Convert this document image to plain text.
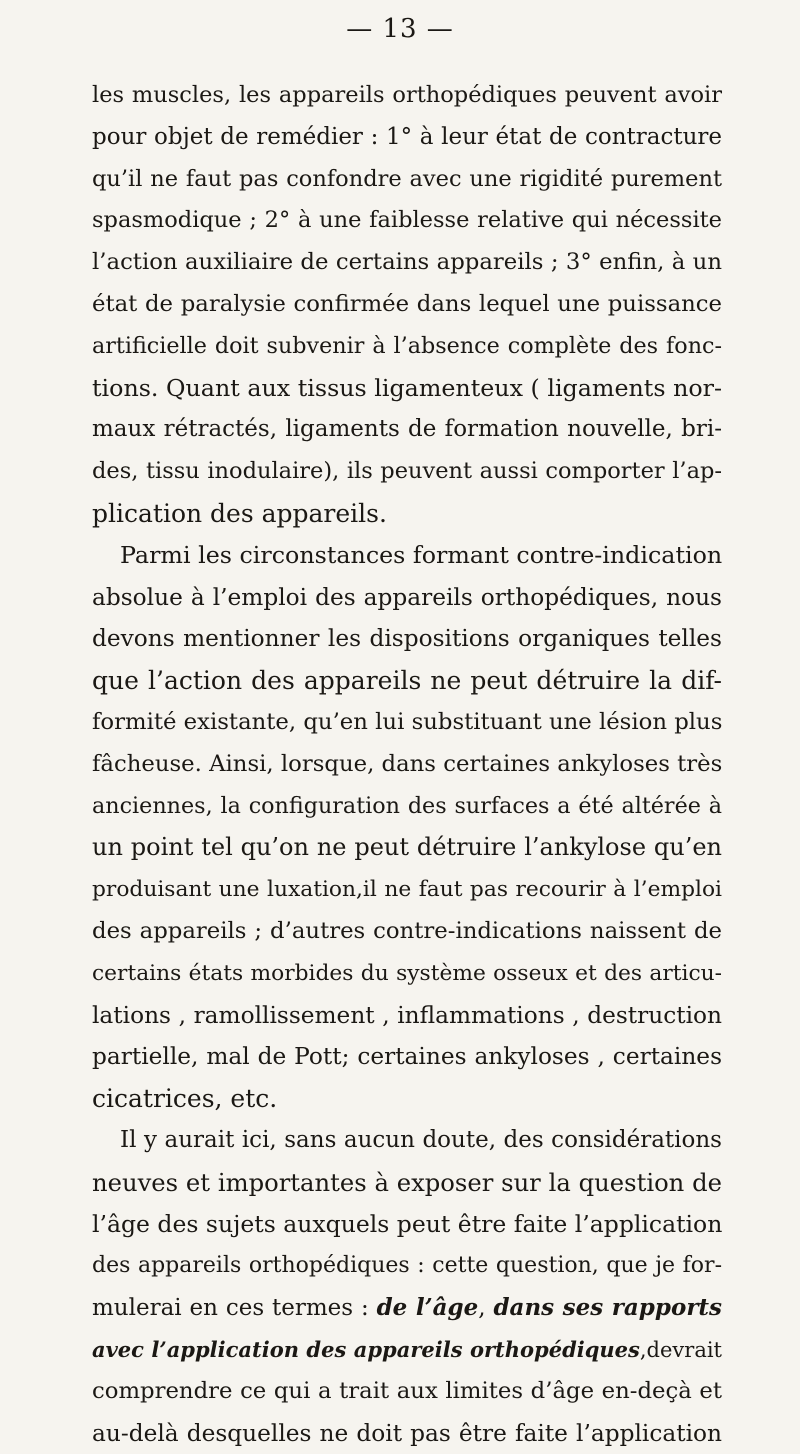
— 13 —
les muscles, les appareils orthopédiques peuvent avoir
pour objet de remédier : 1° à leur état de contracture
qu’il ne faut pas confondre avec une rigidité purement
spasmodique ; 2° à une faiblesse relative qui nécessite
l’action auxiliaire de certains appareils ; 3° enfin, à un
état de paralysie confirmée dans lequel une puissance
artificielle doit subvenir à l’absence complète des fonc-
tions. Quant aux tissus ligamenteux ( ligaments nor-
maux rétractés, ligaments de formation nouvelle, bri-
des, tissu inodulaire), ils peuvent aussi comporter l’ap-
plication des appareils.
Parmi les circonstances formant contre-indication
absolue à l’emploi des appareils orthopédiques, nous
devons mentionner les dispositions organiques telles
que l’action des appareils ne peut détruire la dif-
formité existante, qu’en lui substituant une lésion plus
fâcheuse. Ainsi, lorsque, dans certaines ankyloses très
anciennes, la configuration des surfaces a été altérée à
un point tel qu’on ne peut détruire l’ankylose qu’en
produisant une luxation,il ne faut pas recourir à l’emploi
des appareils ; d’autres contre-indications naissent de
certains états morbides du système osseux et des articu-
lations , ramollissement , inflammations , destruction
partielle, mal de Pott; certaines ankyloses , certaines
cicatrices, etc.
Il y aurait ici, sans aucun doute, des considérations
neuves et importantes à exposer sur la question de
l’âge des sujets auxquels peut être faite l’application
des appareils orthopédiques : cette question, que je for-
mulerai en ces termes : de l’âge, dans ses rapports
avec l’application des appareils orthopédiques,devrait
comprendre ce qui a trait aux limites d’âge en-deçà et
au-delà desquelles ne doit pas être faite l’application
